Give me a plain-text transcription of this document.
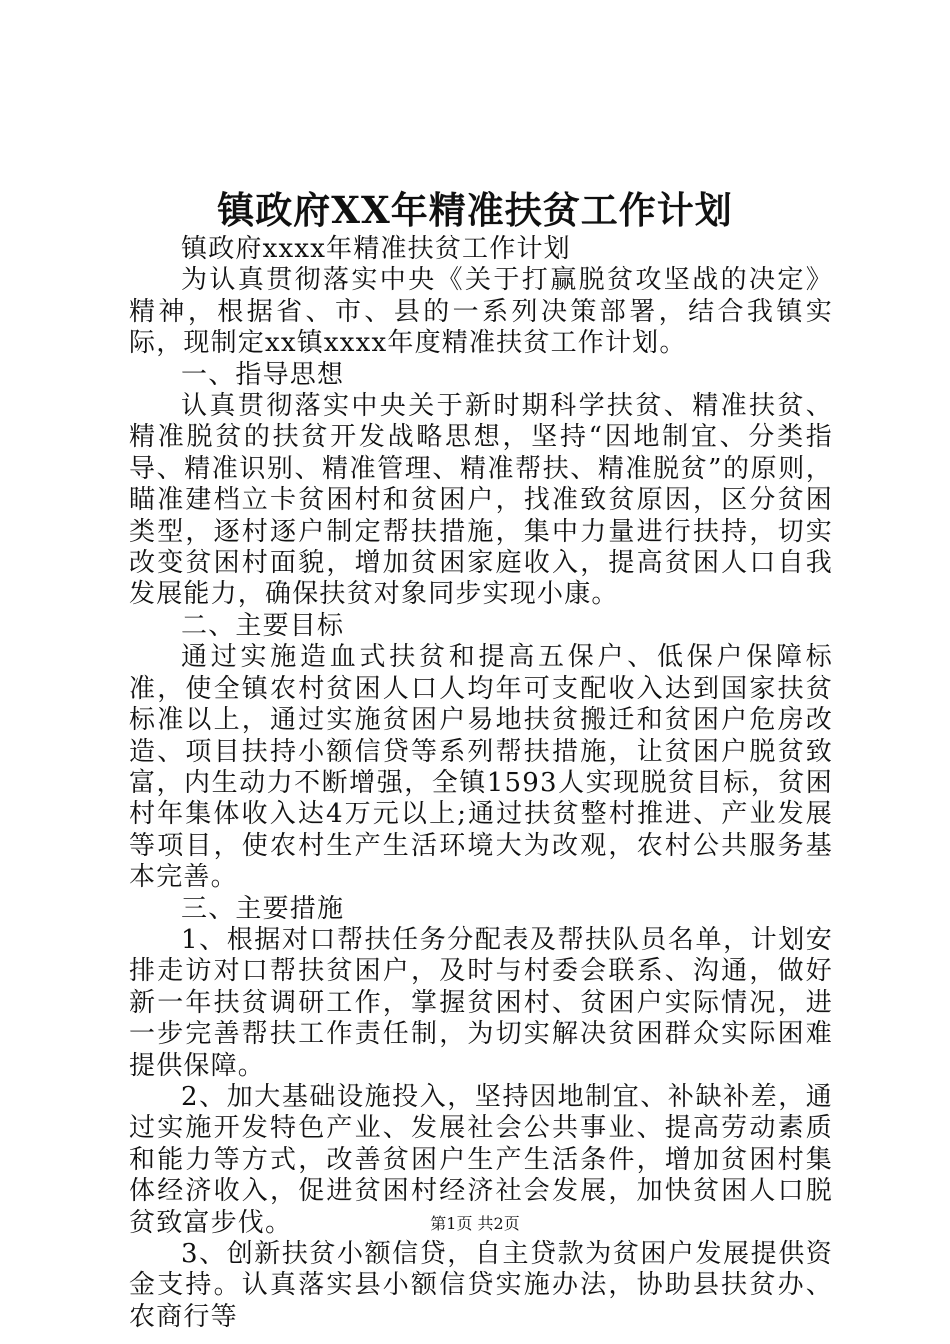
镇政府XX年精准扶贫工作计划

镇政府xxxx年精准扶贫工作计划

为认真贯彻落实中央《关于打赢脱贫攻坚战的决定》精神，根据省、市、县的一系列决策部署，结合我镇实际，现制定xx镇xxxx年度精准扶贫工作计划。

一、指导思想

认真贯彻落实中央关于新时期科学扶贫、精准扶贫、精准脱贫的扶贫开发战略思想，坚持“因地制宜、分类指导、精准识别、精准管理、精准帮扶、精准脱贫”的原则，瞄准建档立卡贫困村和贫困户，找准致贫原因，区分贫困类型，逐村逐户制定帮扶措施，集中力量进行扶持，切实改变贫困村面貌，增加贫困家庭收入，提高贫困人口自我发展能力，确保扶贫对象同步实现小康。

二、主要目标

通过实施造血式扶贫和提高五保户、低保户保障标准，使全镇农村贫困人口人均年可支配收入达到国家扶贫标准以上，通过实施贫困户易地扶贫搬迁和贫困户危房改造、项目扶持小额信贷等系列帮扶措施，让贫困户脱贫致富，内生动力不断增强，全镇1593人实现脱贫目标，贫困村年集体收入达4万元以上;通过扶贫整村推进、产业发展等项目，使农村生产生活环境大为改观，农村公共服务基本完善。

三、主要措施

1、根据对口帮扶任务分配表及帮扶队员名单，计划安排走访对口帮扶贫困户，及时与村委会联系、沟通，做好新一年扶贫调研工作，掌握贫困村、贫困户实际情况，进一步完善帮扶工作责任制，为切实解决贫困群众实际困难提供保障。

2、加大基础设施投入，坚持因地制宜、补缺补差，通过实施开发特色产业、发展社会公共事业、提高劳动素质和能力等方式，改善贫困户生产生活条件，增加贫困村集体经济收入，促进贫困村经济社会发展，加快贫困人口脱贫致富步伐。

3、创新扶贫小额信贷，自主贷款为贫困户发展提供资金支持。认真落实县小额信贷实施办法，协助县扶贫办、农商行等

第1页 共2页
